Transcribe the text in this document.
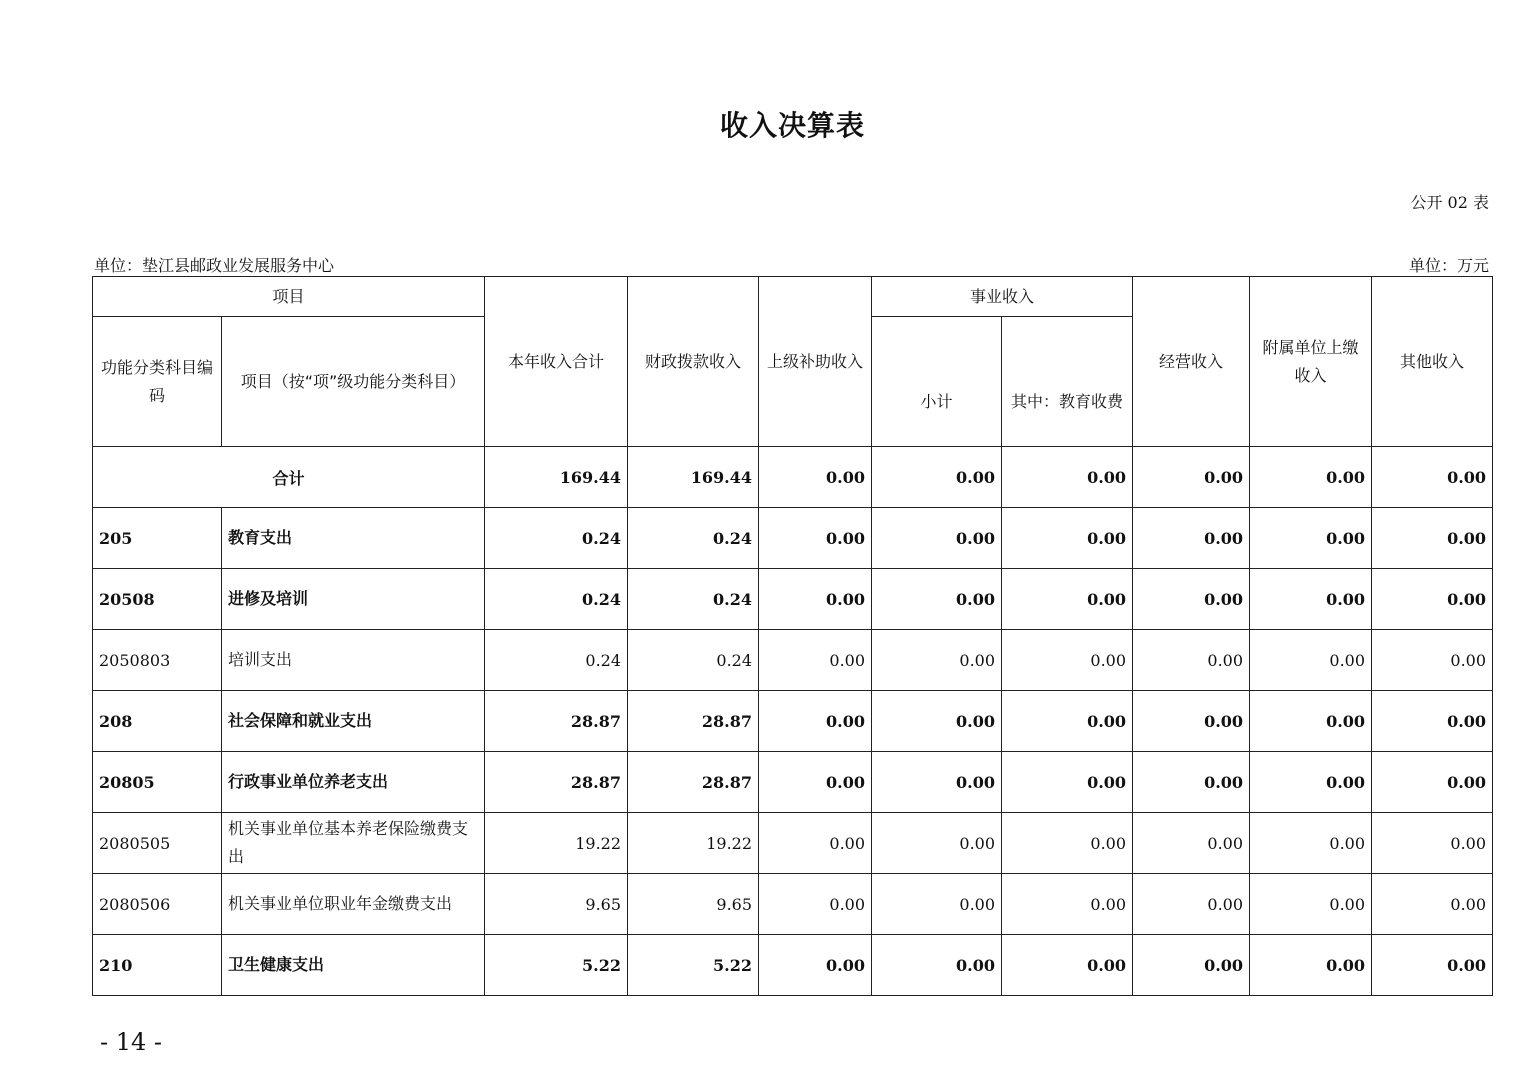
收入决算表
公开 02 表
单位：垫江县邮政业发展服务中心	单位：万元
项目		本年收入合计	财政拨款收入	上级补助收入	事业收入		经营收入	附属单位上缴收入	其他收入
功能分类科目编码	项目（按“项”级功能分类科目）				小计	其中：教育收费			
合计		169.44	169.44	0.00	0.00	0.00	0.00	0.00	0.00
205	教育支出	0.24	0.24	0.00	0.00	0.00	0.00	0.00	0.00
20508	进修及培训	0.24	0.24	0.00	0.00	0.00	0.00	0.00	0.00
2050803	培训支出	0.24	0.24	0.00	0.00	0.00	0.00	0.00	0.00
208	社会保障和就业支出	28.87	28.87	0.00	0.00	0.00	0.00	0.00	0.00
20805	行政事业单位养老支出	28.87	28.87	0.00	0.00	0.00	0.00	0.00	0.00
2080505	机关事业单位基本养老保险缴费支出	19.22	19.22	0.00	0.00	0.00	0.00	0.00	0.00
2080506	机关事业单位职业年金缴费支出	9.65	9.65	0.00	0.00	0.00	0.00	0.00	0.00
210	卫生健康支出	5.22	5.22	0.00	0.00	0.00	0.00	0.00	0.00
- 14 -
